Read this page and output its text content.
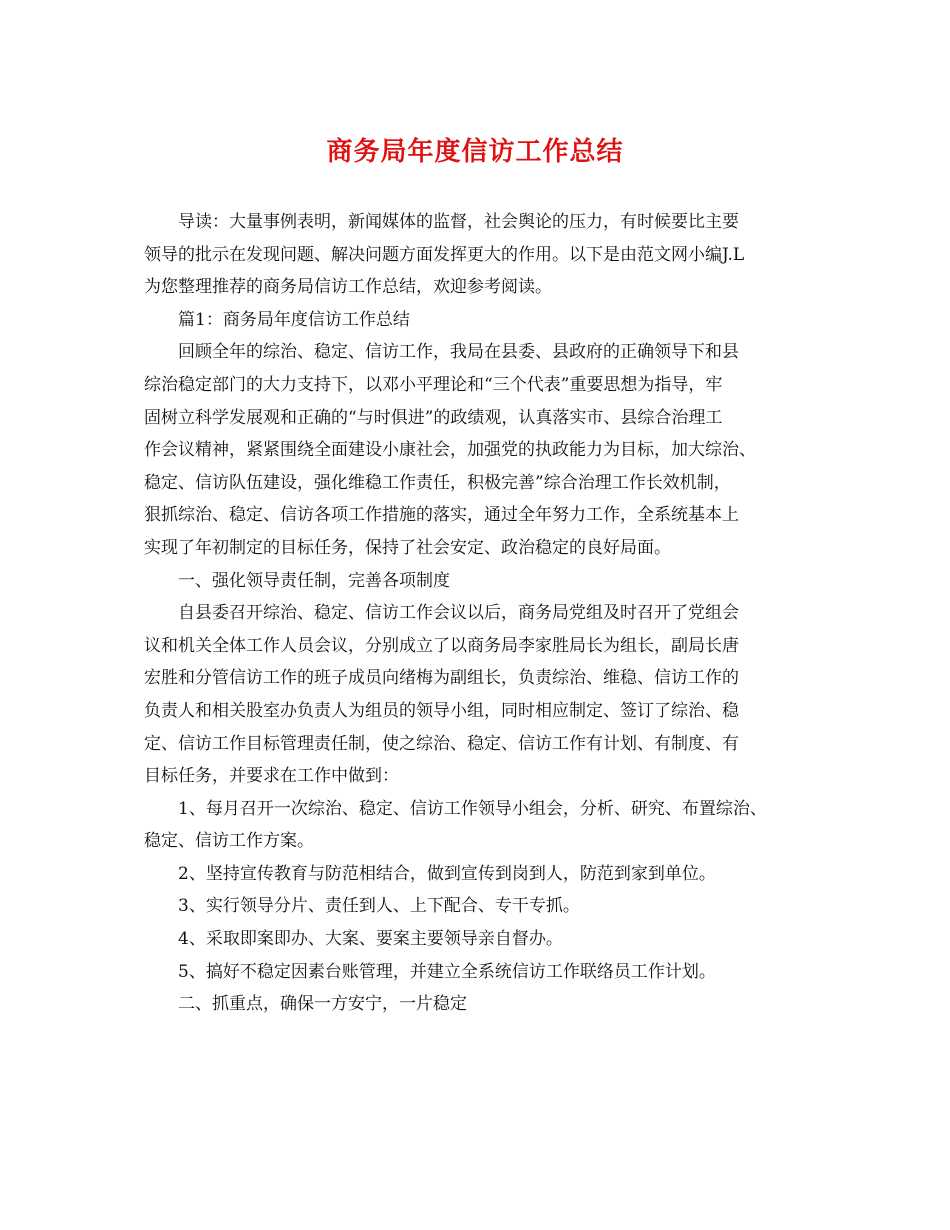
商务局年度信访工作总结
导读：大量事例表明，新闻媒体的监督，社会舆论的压力，有时候要比主要
领导的批示在发现问题、解决问题方面发挥更大的作用。以下是由范文网小编J.L
为您整理推荐的商务局信访工作总结，欢迎参考阅读。
篇1：商务局年度信访工作总结
回顾全年的综治、稳定、信访工作，我局在县委、县政府的正确领导下和县
综治稳定部门的大力支持下，以邓小平理论和“三个代表”重要思想为指导，牢
固树立科学发展观和正确的“与时俱进”的政绩观，认真落实市、县综合治理工
作会议精神，紧紧围绕全面建设小康社会，加强党的执政能力为目标，加大综治、
稳定、信访队伍建设，强化维稳工作责任，积极完善”综合治理工作长效机制，
狠抓综治、稳定、信访各项工作措施的落实，通过全年努力工作，全系统基本上
实现了年初制定的目标任务，保持了社会安定、政治稳定的良好局面。
一、强化领导责任制，完善各项制度
自县委召开综治、稳定、信访工作会议以后，商务局党组及时召开了党组会
议和机关全体工作人员会议，分别成立了以商务局李家胜局长为组长，副局长唐
宏胜和分管信访工作的班子成员向绪梅为副组长，负责综治、维稳、信访工作的
负责人和相关股室办负责人为组员的领导小组，同时相应制定、签订了综治、稳
定、信访工作目标管理责任制，使之综治、稳定、信访工作有计划、有制度、有
目标任务，并要求在工作中做到：
1、每月召开一次综治、稳定、信访工作领导小组会，分析、研究、布置综治、
稳定、信访工作方案。
2、坚持宣传教育与防范相结合，做到宣传到岗到人，防范到家到单位。
3、实行领导分片、责任到人、上下配合、专干专抓。
4、采取即案即办、大案、要案主要领导亲自督办。
5、搞好不稳定因素台账管理，并建立全系统信访工作联络员工作计划。
二、抓重点，确保一方安宁，一片稳定
